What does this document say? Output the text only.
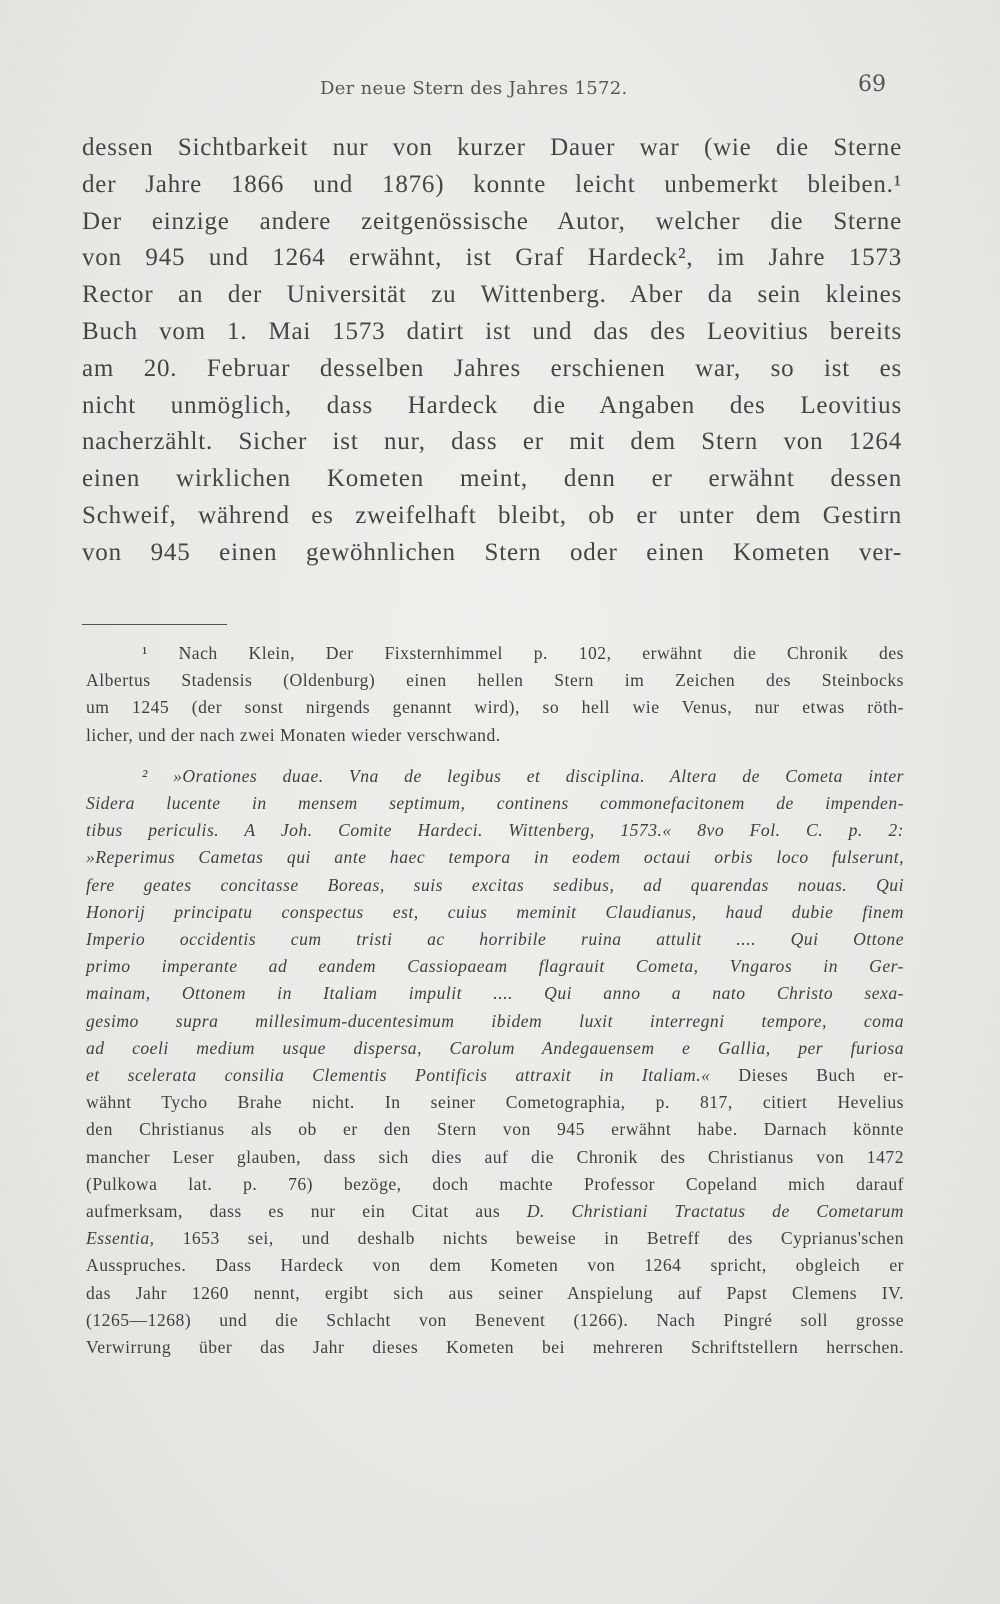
Der neue Stern des Jahres 1572.	69
dessen Sichtbarkeit nur von kurzer Dauer war (wie die Sterne
der Jahre 1866 und 1876) konnte leicht unbemerkt bleiben.¹
Der einzige andere zeitgenössische Autor, welcher die Sterne
von 945 und 1264 erwähnt, ist Graf Hardeck², im Jahre 1573
Rector an der Universität zu Wittenberg. Aber da sein kleines
Buch vom 1. Mai 1573 datirt ist und das des Leovitius bereits
am 20. Februar desselben Jahres erschienen war, so ist es
nicht unmöglich, dass Hardeck die Angaben des Leovitius
nacherzählt. Sicher ist nur, dass er mit dem Stern von 1264
einen wirklichen Kometen meint, denn er erwähnt dessen
Schweif, während es zweifelhaft bleibt, ob er unter dem Gestirn
von 945 einen gewöhnlichen Stern oder einen Kometen ver-
¹ Nach Klein, Der Fixsternhimmel p. 102, erwähnt die Chronik des
Albertus Stadensis (Oldenburg) einen hellen Stern im Zeichen des Steinbocks
um 1245 (der sonst nirgends genannt wird), so hell wie Venus, nur etwas röth-
licher, und der nach zwei Monaten wieder verschwand.
² »Orationes duae. Vna de legibus et disciplina. Altera de Cometa inter
Sidera lucente in mensem septimum, continens commonefacitonem de impenden-
tibus periculis. A Joh. Comite Hardeci. Wittenberg, 1573.« 8vo Fol. C. p. 2:
»Reperimus Cametas qui ante haec tempora in eodem octaui orbis loco fulserunt,
fere geates concitasse Boreas, suis excitas sedibus, ad quarendas nouas. Qui
Honorij principatu conspectus est, cuius meminit Claudianus, haud dubie finem
Imperio occidentis cum tristi ac horribile ruina attulit .... Qui Ottone
primo imperante ad eandem Cassiopaeam flagrauit Cometa, Vngaros in Ger-
mainam, Ottonem in Italiam impulit .... Qui anno a nato Christo sexa-
gesimo supra millesimum-ducentesimum ibidem luxit interregni tempore, coma
ad coeli medium usque dispersa, Carolum Andegauensem e Gallia, per furiosa
et scelerata consilia Clementis Pontificis attraxit in Italiam.« Dieses Buch er-
wähnt Tycho Brahe nicht. In seiner Cometographia, p. 817, citiert Hevelius
den Christianus als ob er den Stern von 945 erwähnt habe. Darnach könnte
mancher Leser glauben, dass sich dies auf die Chronik des Christianus von 1472
(Pulkowa lat. p. 76) bezöge, doch machte Professor Copeland mich darauf
aufmerksam, dass es nur ein Citat aus D. Christiani Tractatus de Cometarum
Essentia, 1653 sei, und deshalb nichts beweise in Betreff des Cyprianus'schen
Ausspruches. Dass Hardeck von dem Kometen von 1264 spricht, obgleich er
das Jahr 1260 nennt, ergibt sich aus seiner Anspielung auf Papst Clemens IV.
(1265—1268) und die Schlacht von Benevent (1266). Nach Pingré soll grosse
Verwirrung über das Jahr dieses Kometen bei mehreren Schriftstellern herrschen.
